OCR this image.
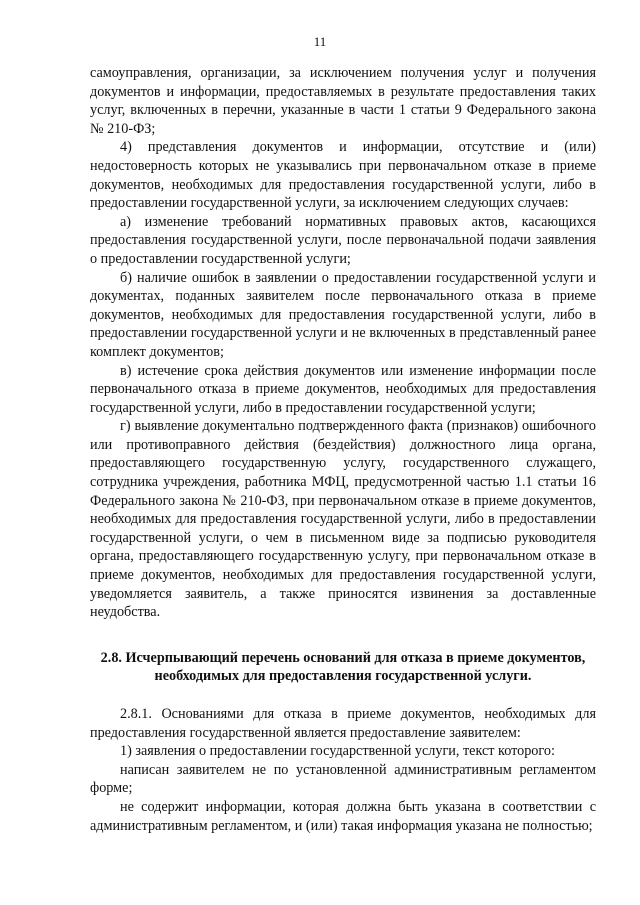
11

самоуправления, организации, за исключением получения услуг и получения документов и информации, предоставляемых в результате предоставления таких услуг, включенных в перечни, указанные в части 1 статьи 9 Федерального закона № 210-ФЗ;

4) представления документов и информации, отсутствие и (или) недостоверность которых не указывались при первоначальном отказе в приеме документов, необходимых для предоставления государственной услуги, либо в предоставлении государственной услуги, за исключением следующих случаев:

а) изменение требований нормативных правовых актов, касающихся предоставления государственной услуги, после первоначальной подачи заявления о предоставлении государственной услуги;

б) наличие ошибок в заявлении о предоставлении государственной услуги и документах, поданных заявителем после первоначального отказа в приеме документов, необходимых для предоставления государственной услуги, либо в предоставлении государственной услуги и не включенных в представленный ранее комплект документов;

в) истечение срока действия документов или изменение информации после первоначального отказа в приеме документов, необходимых для предоставления государственной услуги, либо в предоставлении государственной услуги;

г) выявление документально подтвержденного факта (признаков) ошибочного или противоправного действия (бездействия) должностного лица органа, предоставляющего государственную услугу, государственного служащего, сотрудника учреждения, работника МФЦ, предусмотренной частью 1.1 статьи 16 Федерального закона № 210-ФЗ, при первоначальном отказе в приеме документов, необходимых для предоставления государственной услуги, либо в предоставлении государственной услуги, о чем в письменном виде за подписью руководителя органа, предоставляющего государственную услугу, при первоначальном отказе в приеме документов, необходимых для предоставления государственной услуги, уведомляется заявитель, а также приносятся извинения за доставленные неудобства.

2.8. Исчерпывающий перечень оснований для отказа в приеме документов, необходимых для предоставления государственной услуги.

2.8.1. Основаниями для отказа в приеме документов, необходимых для предоставления государственной является предоставление заявителем:

1) заявления о предоставлении государственной услуги, текст которого:

написан заявителем не по установленной административным регламентом форме;

не содержит информации, которая должна быть указана в соответствии с административным регламентом, и (или) такая информация указана не полностью;
